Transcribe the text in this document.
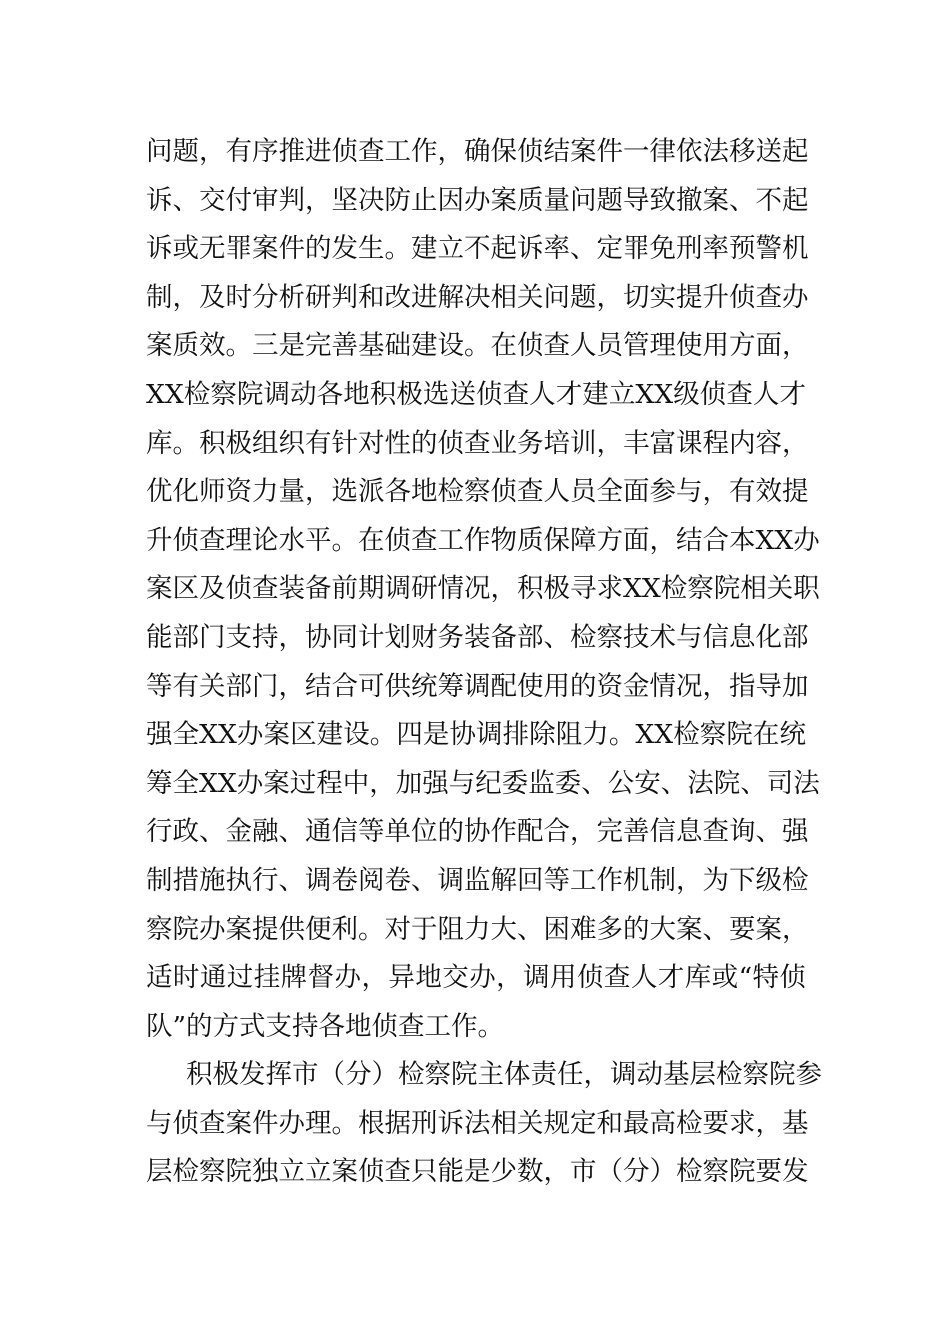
问题，有序推进侦查工作，确保侦结案件一律依法移送起
诉、交付审判，坚决防止因办案质量问题导致撤案、不起
诉或无罪案件的发生。建立不起诉率、定罪免刑率预警机
制，及时分析研判和改进解决相关问题，切实提升侦查办
案质效。三是完善基础建设。在侦查人员管理使用方面，
XX检察院调动各地积极选送侦查人才建立XX级侦查人才
库。积极组织有针对性的侦查业务培训，丰富课程内容，
优化师资力量，选派各地检察侦查人员全面参与，有效提
升侦查理论水平。在侦查工作物质保障方面，结合本XX办
案区及侦查装备前期调研情况，积极寻求XX检察院相关职
能部门支持，协同计划财务装备部、检察技术与信息化部
等有关部门，结合可供统筹调配使用的资金情况，指导加
强全XX办案区建设。四是协调排除阻力。XX检察院在统
筹全XX办案过程中，加强与纪委监委、公安、法院、司法
行政、金融、通信等单位的协作配合，完善信息查询、强
制措施执行、调卷阅卷、调监解回等工作机制，为下级检
察院办案提供便利。对于阻力大、困难多的大案、要案，
适时通过挂牌督办，异地交办，调用侦查人才库或“特侦
队”的方式支持各地侦查工作。
积极发挥市（分）检察院主体责任，调动基层检察院参
与侦查案件办理。根据刑诉法相关规定和最高检要求，基
层检察院独立立案侦查只能是少数，市（分）检察院要发
